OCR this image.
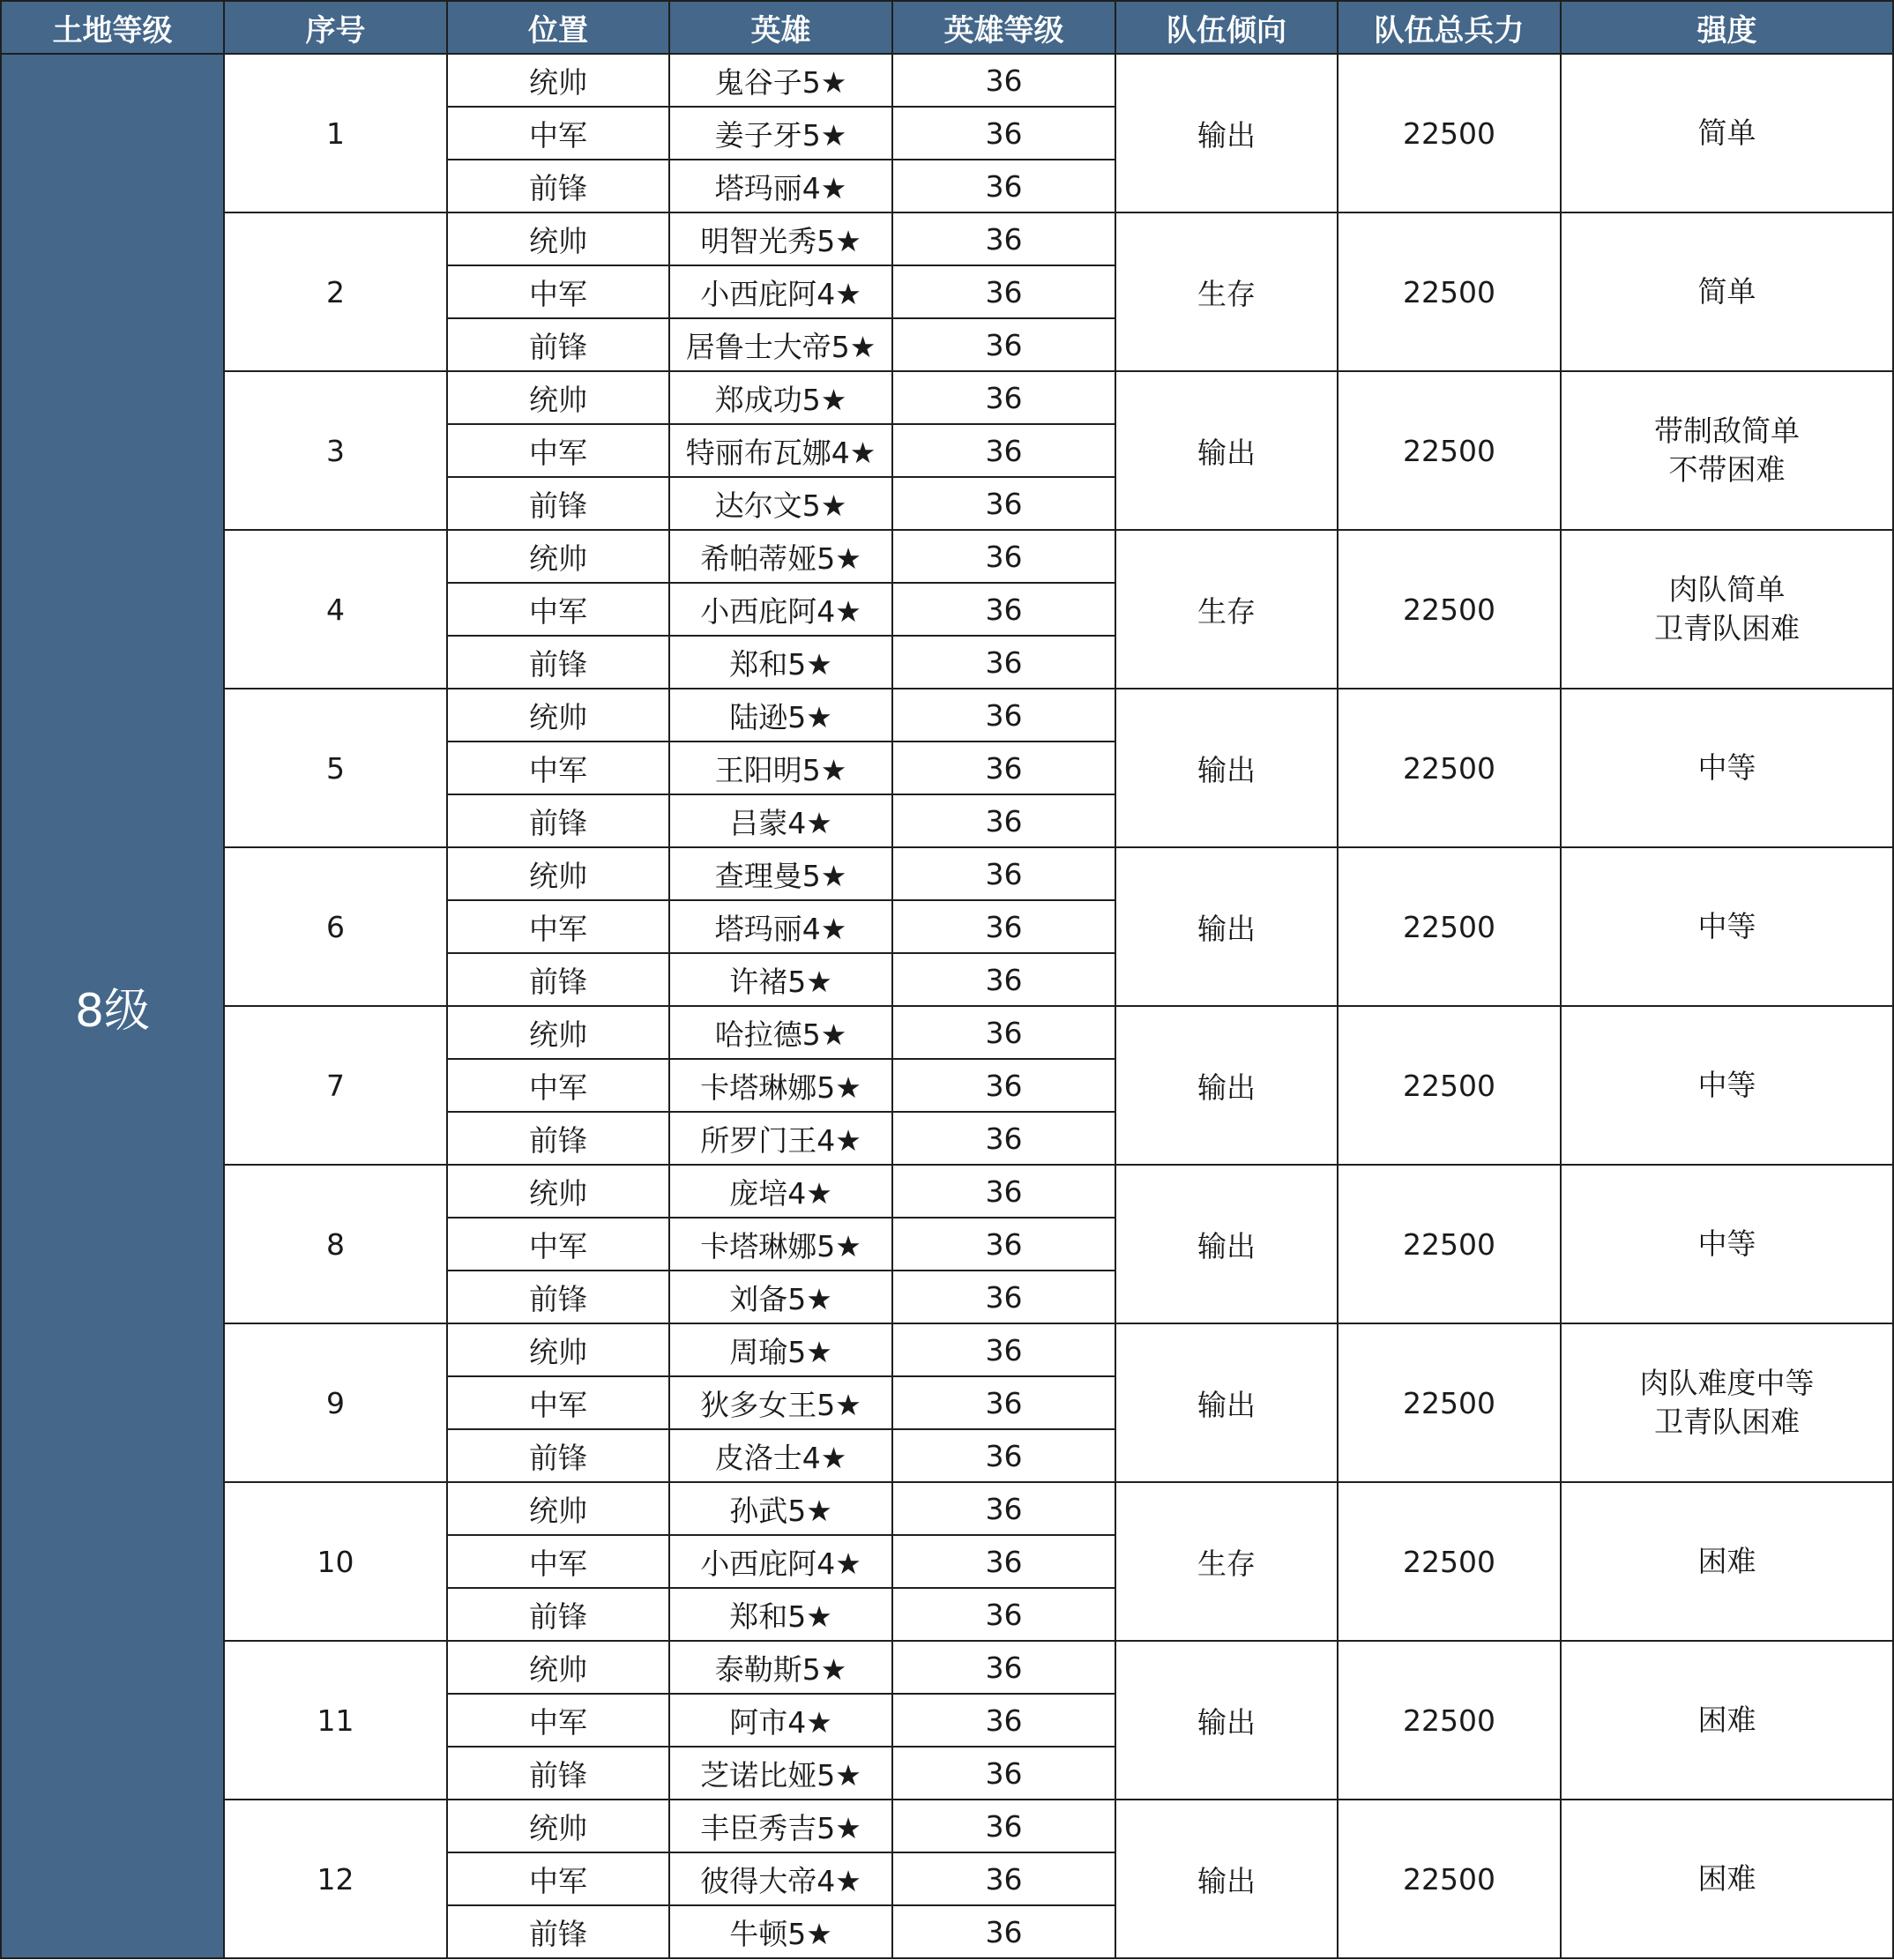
土地等级	序号	位置	英雄	英雄等级	队伍倾向	队伍总兵力	强度
8级	1	统帅	鬼谷子5★	36	输出	22500	简单

		中军	姜子牙5★	36			
		前锋	塔玛丽4★	36			
	2	统帅	明智光秀5★	36	生存	22500	简单

		中军	小西庇阿4★	36			
		前锋	居鲁士大帝5★	36			
	3	统帅	郑成功5★	36	输出	22500	带制敌简单
不带困难

		中军	特丽布瓦娜4★	36			
		前锋	达尔文5★	36			
	4	统帅	希帕蒂娅5★	36	生存	22500	肉队简单
卫青队困难

		中军	小西庇阿4★	36			
		前锋	郑和5★	36			
	5	统帅	陆逊5★	36	输出	22500	中等

		中军	王阳明5★	36			
		前锋	吕蒙4★	36			
	6	统帅	查理曼5★	36	输出	22500	中等

		中军	塔玛丽4★	36			
		前锋	许褚5★	36			
	7	统帅	哈拉德5★	36	输出	22500	中等

		中军	卡塔琳娜5★	36			
		前锋	所罗门王4★	36			
	8	统帅	庞培4★	36	输出	22500	中等

		中军	卡塔琳娜5★	36			
		前锋	刘备5★	36			
	9	统帅	周瑜5★	36	输出	22500	肉队难度中等
卫青队困难

		中军	狄多女王5★	36			
		前锋	皮洛士4★	36			
	10	统帅	孙武5★	36	生存	22500	困难

		中军	小西庇阿4★	36			
		前锋	郑和5★	36			
	11	统帅	泰勒斯5★	36	输出	22500	困难

		中军	阿市4★	36			
		前锋	芝诺比娅5★	36			
	12	统帅	丰臣秀吉5★	36	输出	22500	困难

		中军	彼得大帝4★	36			
		前锋	牛顿5★	36			
